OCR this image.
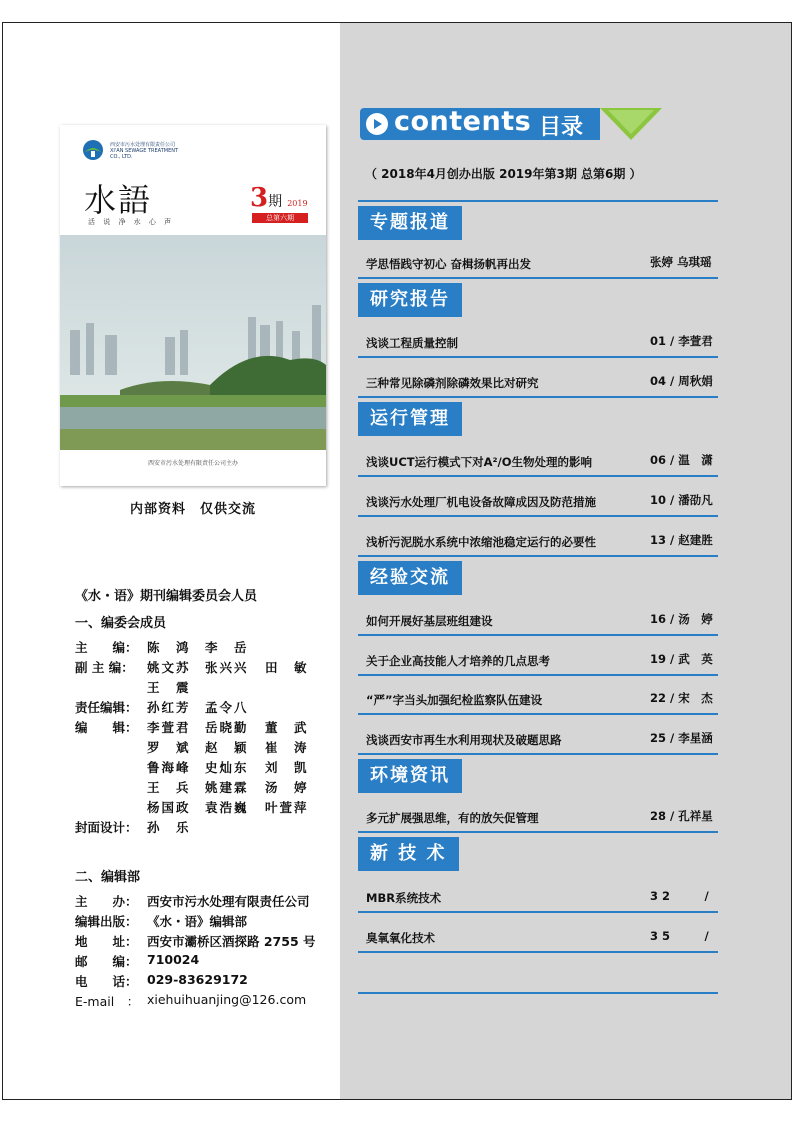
西安市污水处理有限责任公司
XI'AN SEWAGE TREATMENT CO., LTD.
水語
活 说 净 水 心 声
3期 2019
总第六期
西安市污水处理有限责任公司主办
内部资料　仅供交流
《水・语》期刊编辑委员会人员
一、编委会成员
主　　编： 陈　鸿 李　岳
副 主 编： 姚文苏 张兴兴 田　敏
王　震
责任编辑： 孙红芳 孟令八
编　　辑： 李萱君 岳晓勤 董　武
罗　斌 赵　颖 崔　涛
鲁海峰 史灿东 刘　凯
王　兵 姚建霖 汤　婷
杨国政 袁浩巍 叶萱萍
封面设计： 孙　乐
二、编辑部
主　　办： 西安市污水处理有限责任公司
编辑出版： 《水・语》编辑部
地　　址： 西安市灞桥区酒探路 2755 号
邮　　编： 710024
电　　话： 029-83629172
E-mail　： xiehuihuanjing@126.com
contents 目录
（ 2018年4月创办出版 2019年第3期 总第6期 ）
专题报道
学思悟践守初心 奋楫扬帆再出发	张婷 乌琪瑶
研究报告
浅谈工程质量控制	01 / 李萱君
三种常见除磷剂除磷效果比对研究	04 / 周秋娟
运行管理
浅谈UCT运行模式下对A²/O生物处理的影响	06 / 温　潇
浅谈污水处理厂机电设备故障成因及防范措施	10 / 潘劭凡
浅析污泥脱水系统中浓缩池稳定运行的必要性	13 / 赵建胜
经验交流
如何开展好基层班组建设	16 / 汤　婷
关于企业高技能人才培养的几点思考	19 / 武　英
“严”字当头加强纪检监察队伍建设	22 / 宋　杰
浅谈西安市再生水利用现状及破题思路	25 / 李星涵
环境资讯
多元扩展强思维，有的放矢促管理	28 / 孔祥星
新 技 术
MBR系统技术	3 2　　　/
臭氧氧化技术	3 5　　　/
